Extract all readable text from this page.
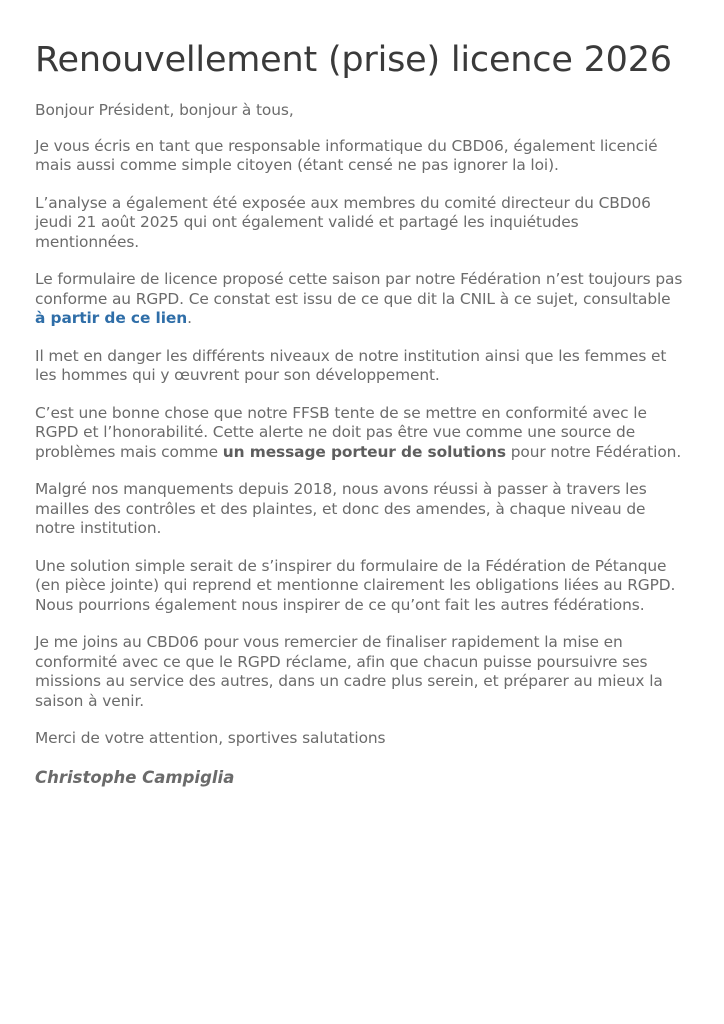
Renouvellement (prise) licence 2026

Bonjour Président, bonjour à tous,

Je vous écris en tant que responsable informatique du CBD06, également licencié mais aussi comme simple citoyen (étant censé ne pas ignorer la loi).

L’analyse a également été exposée aux membres du comité directeur du CBD06 jeudi 21 août 2025 qui ont également validé et partagé les inquiétudes mentionnées.

Le formulaire de licence proposé cette saison par notre Fédération n’est toujours pas conforme au RGPD. Ce constat est issu de ce que dit la CNIL à ce sujet, consultable à partir de ce lien.

Il met en danger les différents niveaux de notre institution ainsi que les femmes et les hommes qui y œuvrent pour son développement.

C’est une bonne chose que notre FFSB tente de se mettre en conformité avec le RGPD et l’honorabilité. Cette alerte ne doit pas être vue comme une source de problèmes mais comme un message porteur de solutions pour notre Fédération.

Malgré nos manquements depuis 2018, nous avons réussi à passer à travers les mailles des contrôles et des plaintes, et donc des amendes, à chaque niveau de notre institution.

Une solution simple serait de s’inspirer du formulaire de la Fédération de Pétanque (en pièce jointe) qui reprend et mentionne clairement les obligations liées au RGPD. Nous pourrions également nous inspirer de ce qu’ont fait les autres fédérations.

Je me joins au CBD06 pour vous remercier de finaliser rapidement la mise en conformité avec ce que le RGPD réclame, afin que chacun puisse poursuivre ses missions au service des autres, dans un cadre plus serein, et préparer au mieux la saison à venir.

Merci de votre attention, sportives salutations

Christophe Campiglia
